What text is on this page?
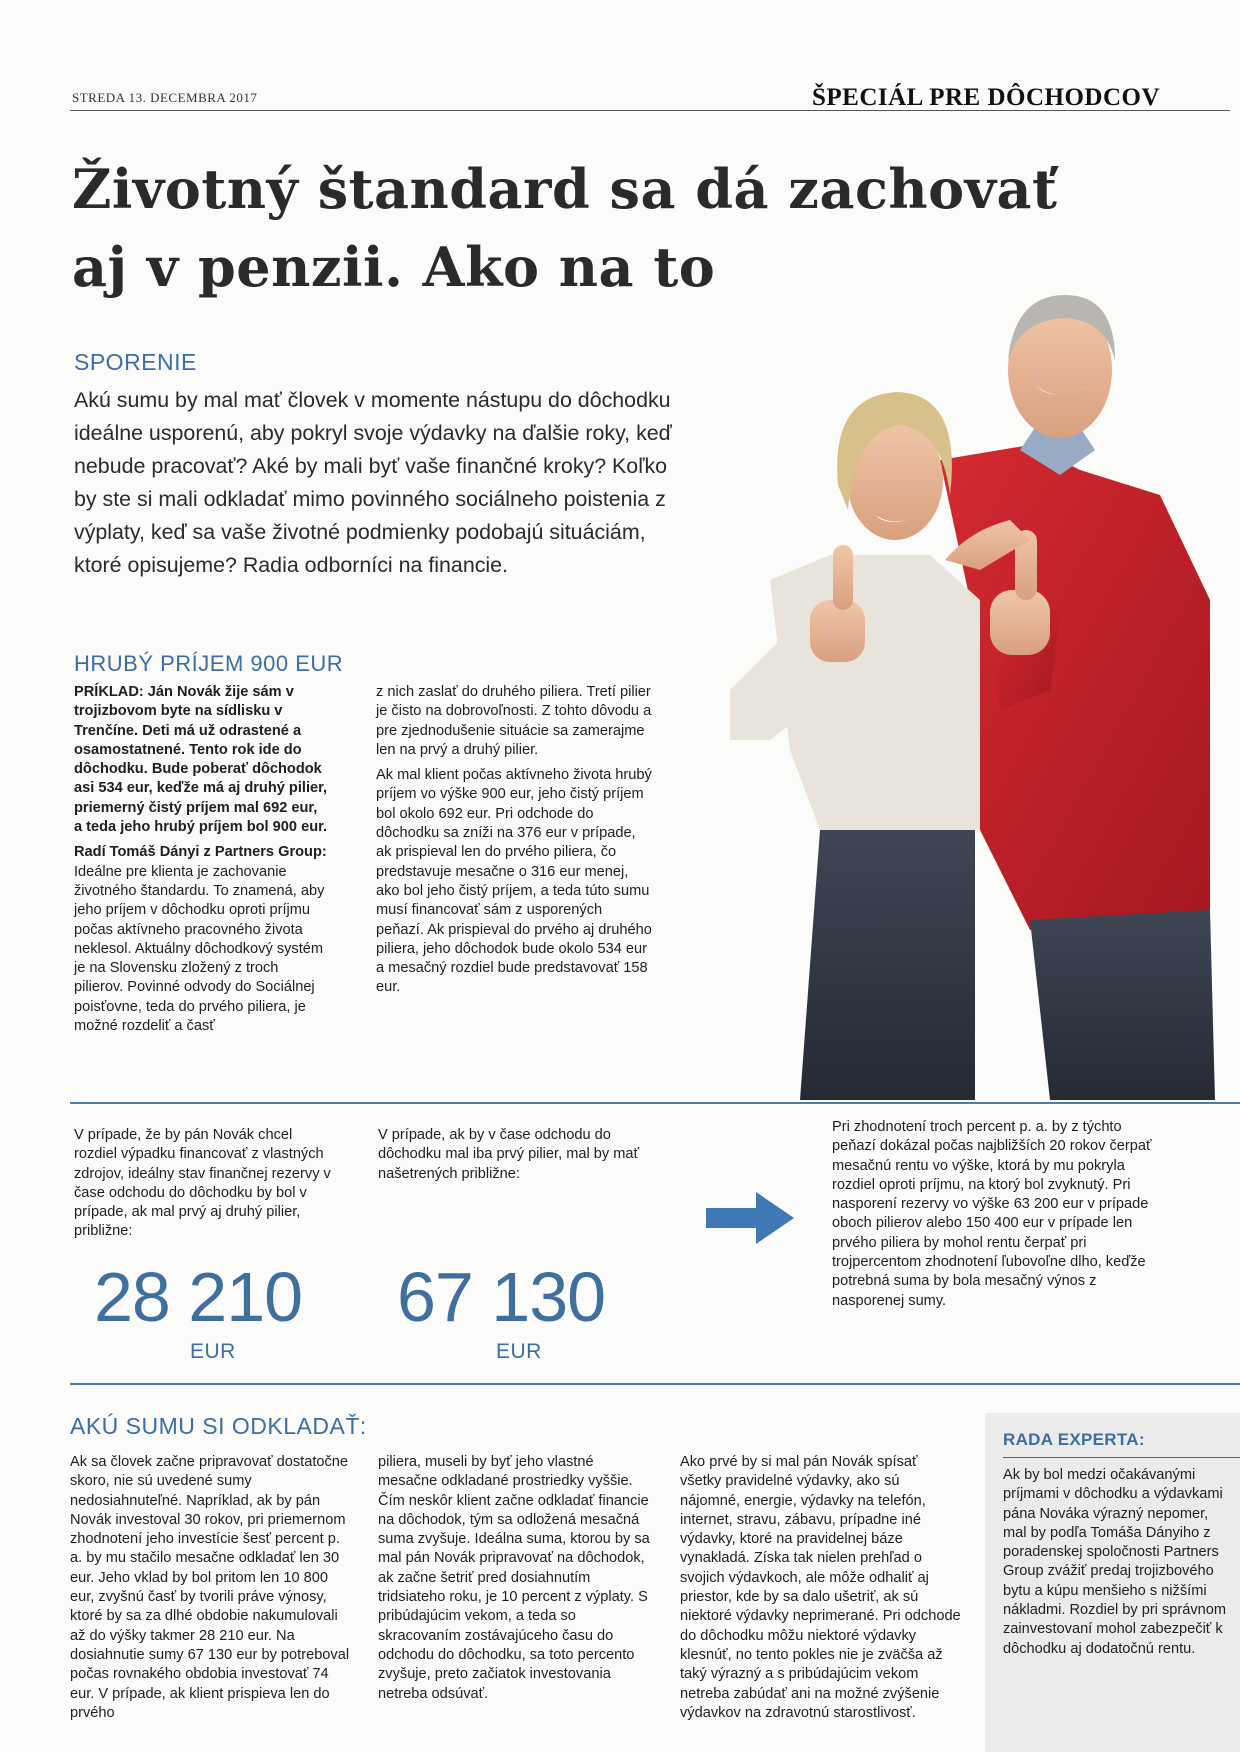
STREDA 13. DECEMBRA 2017	ŠPECIÁL PRE DÔCHODCOV
Životný štandard sa dá zachovať
aj v penzii. Ako na to
SPORENIE

Akú sumu by mal mať človek v momente nástupu do dôchodku ideálne usporenú, aby pokryl svoje výdavky na ďalšie roky, keď nebude pracovať? Aké by mali byť vaše finančné kroky? Koľko by ste si mali odkladať mimo povinného sociálneho poistenia z výplaty, keď sa vaše životné podmienky podobajú situáciám, ktoré opisujeme? Radia odborníci na financie.

HRUBÝ PRÍJEM 900 EUR

PRÍKLAD: Ján Novák žije sám v trojizbovom byte na sídlisku v Trenčíne. Deti má už odrastené a osamostatnené. Tento rok ide do dôchodku. Bude poberať dôchodok asi 534 eur, keďže má aj druhý pilier, priemerný čistý príjem mal 692 eur, a teda jeho hrubý príjem bol 900 eur.

Radí Tomáš Dányi z Partners Group: Ideálne pre klienta je zachovanie životného štandardu. To znamená, aby jeho príjem v dôchodku oproti príjmu počas aktívneho pracovného života neklesol. Aktuálny dôchodkový systém je na Slovensku zložený z troch pilierov. Povinné odvody do Sociálnej poisťovne, teda do prvého piliera, je možné rozdeliť a časť

z nich zaslať do druhého piliera. Tretí pilier je čisto na dobrovoľnosti. Z tohto dôvodu a pre zjednodušenie situácie sa zamerajme len na prvý a druhý pilier.

Ak mal klient počas aktívneho života hrubý príjem vo výške 900 eur, jeho čistý príjem bol okolo 692 eur. Pri odchode do dôchodku sa zníži na 376 eur v prípade, ak prispieval len do prvého piliera, čo predstavuje mesačne o 316 eur menej, ako bol jeho čistý príjem, a teda túto sumu musí financovať sám z usporených peňazí. Ak prispieval do prvého aj druhého piliera, jeho dôchodok bude okolo 534 eur a mesačný rozdiel bude predstavovať 158 eur.

V prípade, že by pán Novák chcel rozdiel výpadku financovať z vlastných zdrojov, ideálny stav finančnej rezervy v čase odchodu do dôchodku by bol v prípade, ak mal prvý aj druhý pilier, približne:
28 210
EUR
V prípade, ak by v čase odchodu do dôchodku mal iba prvý pilier, mal by mať našetrených približne:
67 130
EUR
Pri zhodnotení troch percent p. a. by z týchto peňazí dokázal počas najbližších 20 rokov čerpať mesačnú rentu vo výške, ktorá by mu pokryla rozdiel oproti príjmu, na ktorý bol zvyknutý. Pri nasporení rezervy vo výške 63 200 eur v prípade oboch pilierov alebo 150 400 eur v prípade len prvého piliera by mohol rentu čerpať pri trojpercentom zhodnotení ľubovoľne dlho, keďže potrebná suma by bola mesačný výnos z nasporenej sumy.
AKÚ SUMU SI ODKLADAŤ:
Ak sa človek začne pripravovať dostatočne skoro, nie sú uvedené sumy nedosiahnuteľné. Napríklad, ak by pán Novák investoval 30 rokov, pri priemernom zhodnotení jeho investície šesť percent p. a. by mu stačilo mesačne odkladať len 30 eur. Jeho vklad by bol pritom len 10 800 eur, zvyšnú časť by tvorili práve výnosy, ktoré by sa za dlhé obdobie nakumulovali až do výšky takmer 28 210 eur. Na dosiahnutie sumy 67 130 eur by potreboval počas rovnakého obdobia investovať 74 eur. V prípade, ak klient prispieva len do prvého
piliera, museli by byť jeho vlastné mesačne odkladané prostriedky vyššie. Čím neskôr klient začne odkladať financie na dôchodok, tým sa odložená mesačná suma zvyšuje. Ideálna suma, ktorou by sa mal pán Novák pripravovať na dôchodok, ak začne šetriť pred dosiahnutím tridsiateho roku, je 10 percent z výplaty. S pribúdajúcim vekom, a teda so skracovaním zostávajúceho času do odchodu do dôchodku, sa toto percento zvyšuje, preto začiatok investovania netreba odsúvať.
Ako prvé by si mal pán Novák spísať všetky pravidelné výdavky, ako sú nájomné, energie, výdavky na telefón, internet, stravu, zábavu, prípadne iné výdavky, ktoré na pravidelnej báze vynakladá. Získa tak nielen prehľad o svojich výdavkoch, ale môže odhaliť aj priestor, kde by sa dalo ušetriť, ak sú niektoré výdavky neprimerané. Pri odchode do dôchodku môžu niektoré výdavky klesnúť, no tento pokles nie je zväčša až taký výrazný a s pribúdajúcim vekom netreba zabúdať ani na možné zvýšenie výdavkov na zdravotnú starostlivosť.
RADA EXPERTA:
Ak by bol medzi očakávanými príjmami v dôchodku a výdavkami pána Nováka výrazný nepomer, mal by podľa Tomáša Dányiho z poradenskej spoločnosti Partners Group zvážiť predaj trojizbového bytu a kúpu menšieho s nižšími nákladmi. Rozdiel by pri správnom zainvestovaní mohol zabezpečiť k dôchodku aj dodatočnú rentu.
